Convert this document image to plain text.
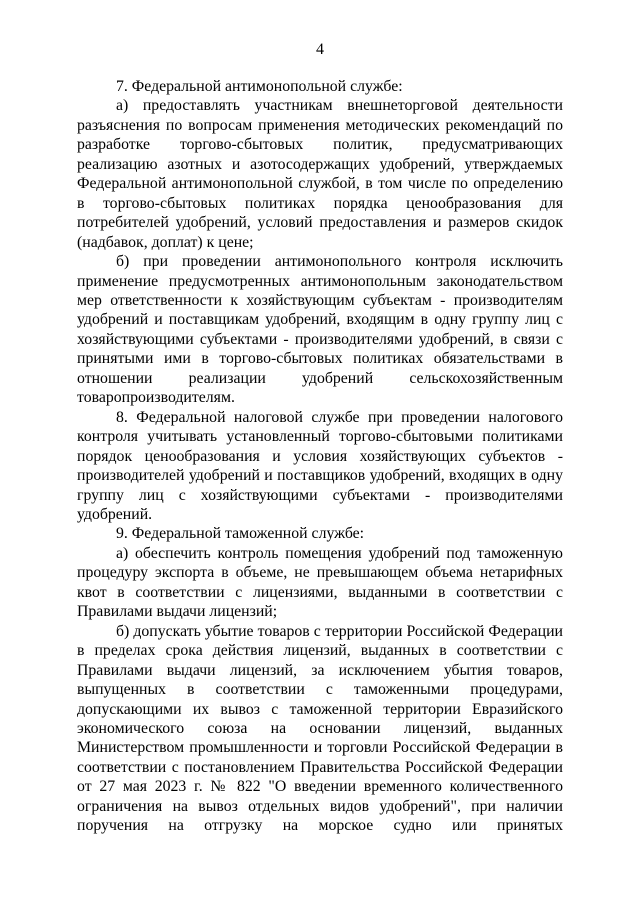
4

7. Федеральной антимонопольной службе:

а) предоставлять участникам внешнеторговой деятельности разъяснения по вопросам применения методических рекомендаций по разработке торгово-сбытовых политик, предусматривающих реализацию азотных и азотосодержащих удобрений, утверждаемых Федеральной антимонопольной службой, в том числе по определению в торгово-сбытовых политиках порядка ценообразования для потребителей удобрений, условий предоставления и размеров скидок (надбавок, доплат) к цене;

б) при проведении антимонопольного контроля исключить применение предусмотренных антимонопольным законодательством мер ответственности к хозяйствующим субъектам - производителям удобрений и поставщикам удобрений, входящим в одну группу лиц с хозяйствующими субъектами - производителями удобрений, в связи с принятыми ими в торгово-сбытовых политиках обязательствами в отношении реализации удобрений сельскохозяйственным товаропроизводителям.

8. Федеральной налоговой службе при проведении налогового контроля учитывать установленный торгово-сбытовыми политиками порядок ценообразования и условия хозяйствующих субъектов - производителей удобрений и поставщиков удобрений, входящих в одну группу лиц с хозяйствующими субъектами - производителями удобрений.

9. Федеральной таможенной службе:

а) обеспечить контроль помещения удобрений под таможенную процедуру экспорта в объеме, не превышающем объема нетарифных квот в соответствии с лицензиями, выданными в соответствии с Правилами выдачи лицензий;

б) допускать убытие товаров с территории Российской Федерации в пределах срока действия лицензий, выданных в соответствии с Правилами выдачи лицензий, за исключением убытия товаров, выпущенных в соответствии с таможенными процедурами, допускающими их вывоз с таможенной территории Евразийского экономического союза на основании лицензий, выданных Министерством промышленности и торговли Российской Федерации в соответствии с постановлением Правительства Российской Федерации от 27 мая 2023 г. № 822 "О введении временного количественного ограничения на вывоз отдельных видов удобрений", при наличии поручения на отгрузку на морское судно или принятых
